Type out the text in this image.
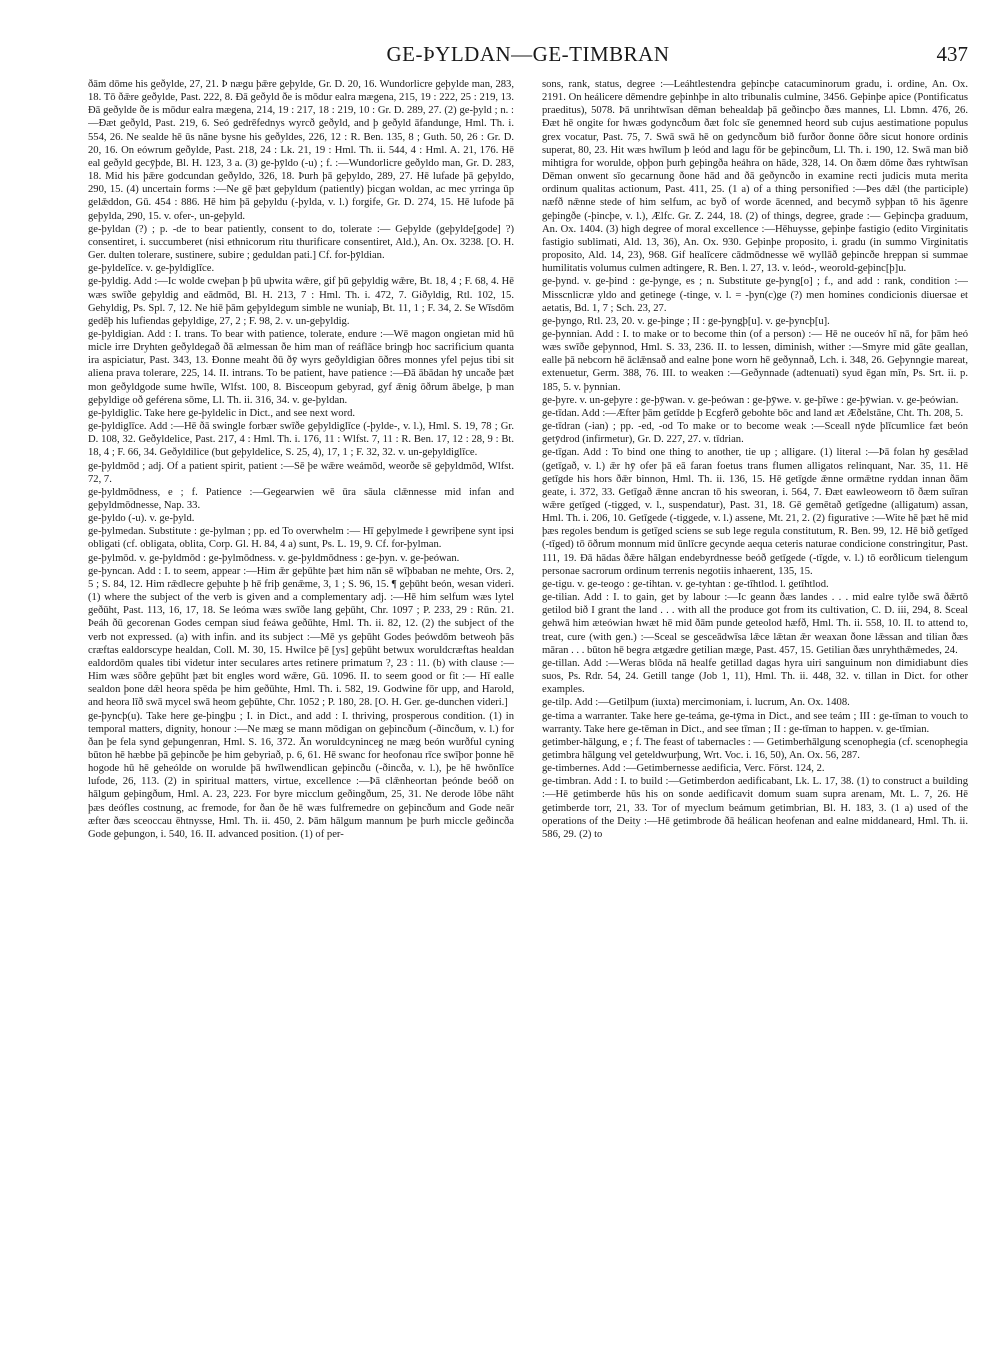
GE-ÞYLDAN—GE-TIMBRAN	437

ðām dōme his geðylde, 27, 21. Þ nægu þǣre geþylde, Gr. D. 20, 16. Wundorlicre geþylde man, 283, 18. Tō ðǣre geðylde, Past. 222, 8. Ðā geðyld ðe is mōdur ealra mægena, 215, 19 : 222, 25 : 219, 13. Ðā geðylde ðe is mōdur ealra mægena, 214, 19 : 217, 18 : 219, 10 : Gr. D. 289, 27. (2) ge-þyld ; n. :—Ðæt geðyld, Past. 219, 6. Seó gedrēfednys wyrcð geðyld, and þ geðyld āfandunge, Hml. Th. i. 554, 26. Ne sealde hē ūs nāne bysne his geðyldes, 226, 12 : R. Ben. 135, 8 ; Guth. 50, 26 : Gr. D. 20, 16. On eówrum geðylde, Past. 218, 24 : Lk. 21, 19 : Hml. Th. ii. 544, 4 : Hml. A. 21, 176. Hē eal geðyld gecȳþde, Bl. H. 123, 3 a. (3) ge-þȳldo (-u) ; f. :—Wundorlicre geðyldo man, Gr. D. 283, 18. Mid his þǣre godcundan geðyldo, 326, 18. Þurh þā geþyldo, 289, 27. Hē lufade þā geþyldo, 290, 15. (4) uncertain forms :—Ne gē þæt geþyldum (patiently) þicgan woldan, ac mec yrringa ūp gelǣddon, Gū. 454 : 886. Hē him þā geþyldu (-þylda, v. l.) forgife, Gr. D. 274, 15. Hē lufode þā geþylda, 290, 15. v. ofer-, un-geþyld.

ge-þyldan (?) ; p. -de to bear patiently, consent to do, tolerate :— Geþylde (geþylde[gode] ?) consentiret, i. succumberet (nisi ethnicorum ritu thurificare consentiret, Ald.), An. Ox. 3238. [O. H. Ger. dulten tolerare, sustinere, subire ; geduldan pati.] Cf. for-þȳldian.

ge-þyldelīce. v. ge-þyldiglīce.

ge-þyldig. Add :—Ic wolde cweþan þ þū uþwita wǣre, gif þū geþyldig wǣre, Bt. 18, 4 ; F. 68, 4. Hē wæs swīðe geþyldig and eādmōd, Bl. H. 213, 7 : Hml. Th. i. 472, 7. Giðyldig, Rtl. 102, 15. Gehyldig, Ps. Spl. 7, 12. Ne hiē þām geþyldegum simble ne wuniaþ, Bt. 11, 1 ; F. 34, 2. Se Wīsdōm gedēþ his lufiendas geþyldige, 27, 2 ; F. 98, 2. v. un-geþyldig.

ge-þyldigian. Add : I. trans. To bear with patience, tolerate, endure :—Wē magon ongietan mid hū micle irre Dryhten geðyldegað ðā ælmessan ðe him man of reáflāce bringþ hoc sacrificium quanta ira aspiciatur, Past. 343, 13. Ðonne meaht ðū ðȳ wyrs geðyldigian ōðres monnes yfel pejus tibi sit aliena prava tolerare, 225, 14. II. intrans. To be patient, have patience :—Ðā ābādan hȳ uncaðe þæt mon geðyldgode sume hwīle, Wlfst. 100, 8. Bisceopum gebyrad, gyf ǣnig ōðrum ābelge, þ man geþyldige oð geférena sōme, Ll. Th. ii. 316, 34. v. ge-þyldan.

ge-þyldiglic. Take here ge-þyldelic in Dict., and see next word.

ge-þyldiglīce. Add :—Hē ðā swingle forbær swīðe geþyldiglīce (-þylde-, v. l.), Hml. S. 19, 78 ; Gr. D. 108, 32. Geðyldelice, Past. 217, 4 : Hml. Th. i. 176, 11 : Wlfst. 7, 11 : R. Ben. 17, 12 : 28, 9 : Bt. 18, 4 ; F. 66, 34. Geðyldilice (but geþyldelice, S. 25, 4), 17, 1 ; F. 32, 32. v. un-geþyldiglīce.

ge-þyldmōd ; adj. Of a patient spirit, patient :—Sē þe wǣre weámōd, weorðe sē geþyldmōd, Wlfst. 72, 7.

ge-þyldmōdness, e ; f. Patience :—Gegearwien wē ūra sāula clǣnnesse mid infan and geþyldmōdnesse, Nap. 33.

ge-þyldo (-u). v. ge-þyld.

ge-þylmedan. Substitute : ge-þylman ; pp. ed To overwhelm :— Hī geþylmede ł gewriþene synt ipsi obligati (cf. obligata, oblita, Corp. Gl. H. 84, 4 a) sunt, Ps. L. 19, 9. Cf. for-þylman.

ge-þylmōd. v. ge-þyldmōd : ge-þylmōdness. v. ge-þyldmōdness : ge-þyn. v. ge-þeówan.

ge-þyncan. Add : I. to seem, appear :—Him ǣr geþūhte þæt him nān sē wīþbaban ne mehte, Ors. 2, 5 ; S. 84, 12. Him rǣdlecre geþuhte þ hē friþ genǣme, 3, 1 ; S. 96, 15. ¶ geþūht beón, wesan videri. (1) where the subject of the verb is given and a complementary adj. :—Hē him selfum wæs lytel geðūht, Past. 113, 16, 17, 18. Se leóma wæs swīðe lang geþūht, Chr. 1097 ; P. 233, 29 : Rūn. 21. Þeáh ðū gecorenan Godes cempan siud feáwa geðūhte, Hml. Th. ii. 82, 12. (2) the subject of the verb not expressed. (a) with infin. and its subject :—Mē ys geþūht Godes þeówdōm betweoh þās cræftas ealdorscype healdan, Coll. M. 30, 15. Hwilce þē [ys] geþūht betwux woruldcræftas healdan ealdordōm quales tibi videtur inter seculares artes retinere primatum ?, 23 : 11. (b) with clause :—Him wæs sōðre geþūht þæt bit engles word wǣre, Gū. 1096. II. to seem good or fit :— Hī ealle sealdon þone dǣl heora spēda þe him geðūhte, Hml. Th. i. 582, 19. Godwine fōr upp, and Harold, and heora līð swā mycel swā heom geþūhte, Chr. 1052 ; P. 180, 28. [O. H. Ger. ge-dunchen videri.]

ge-þyncþ(u). Take here ge-þingþu ; I. in Dict., and add : I. thriving, prosperous condition. (1) in temporal matters, dignity, honour :—Ne mæg se mann mōdigan on geþincðum (-ðincðum, v. l.) for ðan þe fela synd geþungenran, Hml. S. 16, 372. Ān woruldcyninceg ne mæg beón wurðful cyning būton hē hæbbe þā geþincðe þe him gebyriað, p. 6, 61. Hē swanc for heofonau rīce swīþor þonne hē hogode hū hē geheólde on worulde þā hwīlwendlican geþincðu (-ðincða, v. l.), þe hē hwōnlīce lufode, 26, 113. (2) in spiritual matters, virtue, excellence :—Þā clǣnheortan þeónde beóð on hālgum geþingðum, Hml. A. 23, 223. For byre micclum geðingðum, 25, 31. Ne derode lōbe nāht þæs deófles costnung, ac fremode, for ðan ðe hē wæs fulfremedre on geþincðum and Gode neār æfter ðæs sceoccau ēhtnysse, Hml. Th. ii. 450, 2. Þām hālgum mannum þe þurh miccle geðincða Gode geþungon, i. 540, 16. II. advanced position. (1) of per-

sons, rank, status, degree :—Leáhtlestendra geþincþe catacuminorum gradu, i. ordine, An. Ox. 2191. On heálicere dēmendre geþinhþe in alto tribunalis culmine, 3456. Geþinþe apice (Pontificatus praeditus), 5078. Þā unrihtwīsan dēman behealdaþ þā geðincþo ðæs mannes, Ll. Lbmn. 476, 26. Ðæt hē ongite for hwæs godyncðum ðæt folc sīe genemned heord sub cujus aestimatione populus grex vocatur, Past. 75, 7. Swā swā hē on gedyncðum bið furðor ðonne ōðre sicut honore ordinis superat, 80, 23. Hit wæs hwīlum þ leód and lagu fōr be geþincðum, Ll. Th. i. 190, 12. Swā man bið mihtigra for worulde, oþþon þurh geþingða heáhra on hāde, 328, 14. On ðæm dōme ðæs ryhtwīsan Dēman onwent sīo gecarnung ðone hād and ðā geðyncðo in examine recti judicis muta merita ordinum qualitas actionum, Past. 411, 25. (1 a) of a thing personified :—Þes dǣl (the participle) næfð nǣnne stede of him selfum, ac byð of worde ācenned, and becymð syþþan tō his āgenre geþingðe (-þincþe, v. l.), Ælfc. Gr. Z. 244, 18. (2) of things, degree, grade :— Geþincþa graduum, An. Ox. 1404. (3) high degree of moral excellence :—Hēhuysse, geþinþe fastigio (edito Virginitatis fastigio sublimati, Ald. 13, 36), An. Ox. 930. Geþinþe proposito, i. gradu (in summo Virginitatis proposito, Ald. 14, 23), 968. Gif healīcere cādmōdnesse wē wyllāð geþincðe hreppan si summae humilitatis volumus culmen adtingere, R. Ben. l. 27, 13. v. leód-, weorold-geþinc[þ]u.

ge-þynd. v. ge-þind : ge-þynge, es ; n. Substitute ge-þyng[o] ; f., and add : rank, condition :—Misscnlicræ yldo and getinege (-tinge, v. l. = -þyn(c)ge (?) men homines condicionis diuersae et aetatis, Bd. 1, 7 ; Sch. 23, 27.

ge-þyngo, Rtl. 23, 20. v. ge-þinge ; II : ge-þyngþ[u]. v. ge-þyncþ[u].

ge-þynnian. Add : I. to make or to become thin (of a person) :— Hē ne ouceóv hī nā, for þām heó wæs swīðe geþynnod, Hml. S. 33, 236. II. to lessen, diminish, wither :—Smyre mid gāte geallan, ealle þā nebcorn hē āclǣnsað and ealne þone worn hē geðynnað, Lch. i. 348, 26. Geþynngie mareat, extenuetur, Germ. 388, 76. III. to weaken :—Geðynnade (adtenuati) syud ēgan mīn, Ps. Srt. ii. p. 185, 5. v. þynnian.

ge-þyre. v. un-geþyre : ge-þȳwan. v. ge-þeówan : ge-þȳwe. v. ge-þīwe : ge-þȳwian. v. ge-þeówian.

ge-tīdan. Add :—Æfter þām getīdde þ Ecgferð gebohte bōc and land æt Æðelstāne, Cht. Th. 208, 5.

ge-tīdran (-ian) ; pp. -ed, -od To make or to become weak :—Sceall nȳde þlīcumlice fæt beón getȳdrod (infirmetur), Gr. D. 227, 27. v. tīdrian.

ge-tīgan. Add : To bind one thing to another, tie up ; alligare. (1) literal :—Þā folan hȳ gesǣlad (getīgað, v. l.) ǣr hȳ ofer þā eā faran foetus trans flumen alligatos relinquant, Nar. 35, 11. Hē getīgde his hors ðǣr binnon, Hml. Th. ii. 136, 15. Hē getīgde ǣnne ormǣtne ryddan innan ðām geate, i. 372, 33. Getīgað ǣnne ancran tō his sweoran, i. 564, 7. Ðæt eawleoweorn tō ðæm suīran wǣre getīged (-tigged, v. l., suspendatur), Past. 31, 18. Gē gemētað getīgedne (alligatum) assan, Hml. Th. i. 206, 10. Getīgede (-tiggede, v. l.) assene, Mt. 21, 2. (2) figurative :—Wite hē þæt hē mid þæs regoles bendum is getīged sciens se sub lege regula constitutum, R. Ben. 99, 12. Hē bið getīged (-tīged) tō ōðrum monnum mid ūnlīcre gecynde aequa ceteris naturae condicione constringitur, Past. 111, 19. Ðā hādas ðǣre hālgan endebyrdnesse beóð getīgede (-tīgde, v. l.) tō eorðlicum tielengum personae sacrorum ordinum terrenis negotiis inhaerent, 135, 15.

ge-tigu. v. ge-teogo : ge-tihtan. v. ge-tyhtan : ge-tīhtlod. l. getīhtlod.

ge-tilian. Add : I. to gain, get by labour :—Ic geann ðæs landes . . . mid ealre tylðe swā ðǣrtō getilod bið I grant the land . . . with all the produce got from its cultivation, C. D. iii, 294, 8. Sceal gehwā him æteówian hwæt hē mid ðām punde geteolod hæfð, Hml. Th. ii. 558, 10. II. to attend to, treat, cure (with gen.) :—Sceal se gesceādwīsa lǣce lǣtan ǣr weaxan ðone lǣssan and tilian ðæs māran . . . būton hē begra ætgædre getilian mæge, Past. 457, 15. Getilian ðæs unryhthǣmedes, 24.

ge-tillan. Add :—Weras blōda nā healfe getillad dagas hyra uiri sanguinum non dimidiabunt dies suos, Ps. Rdr. 54, 24. Getill tange (Job 1, 11), Hml. Th. ii. 448, 32. v. tillan in Dict. for other examples.

ge-tilp. Add :—Getilþum (iuxta) mercimoniam, i. lucrum, An. Ox. 1408.

ge-tima a warranter. Take here ge-teáma, ge-tȳma in Dict., and see teám ; III : ge-tīman to vouch to warranty. Take here ge-tēman in Dict., and see tīman ; II : ge-tīman to happen. v. ge-tīmian.

getimber-hālgung, e ; f. The feast of tabernacles : — Getimberhālgung scenophegia (cf. scenophegia getimbra hālgung vel geteldwurþung, Wrt. Voc. i. 16, 50), An. Ox. 56, 287.

ge-timbernes. Add :—Getimbernesse aedificia, Verc. Först. 124, 2.

ge-timbran. Add : I. to build :—Getimberdon aedificabant, Lk. L. 17, 38. (1) to construct a building :—Hē getimberde hūs his on sonde aedificavit domum suam supra arenam, Mt. L. 7, 26. Hē getimberde torr, 21, 33. Tor of myeclum beámum getimbrian, Bl. H. 183, 3. (1 a) used of the operations of the Deity :—Hē getimbrode ðā heálican heofenan and ealne middaneard, Hml. Th. ii. 586, 29. (2) to
